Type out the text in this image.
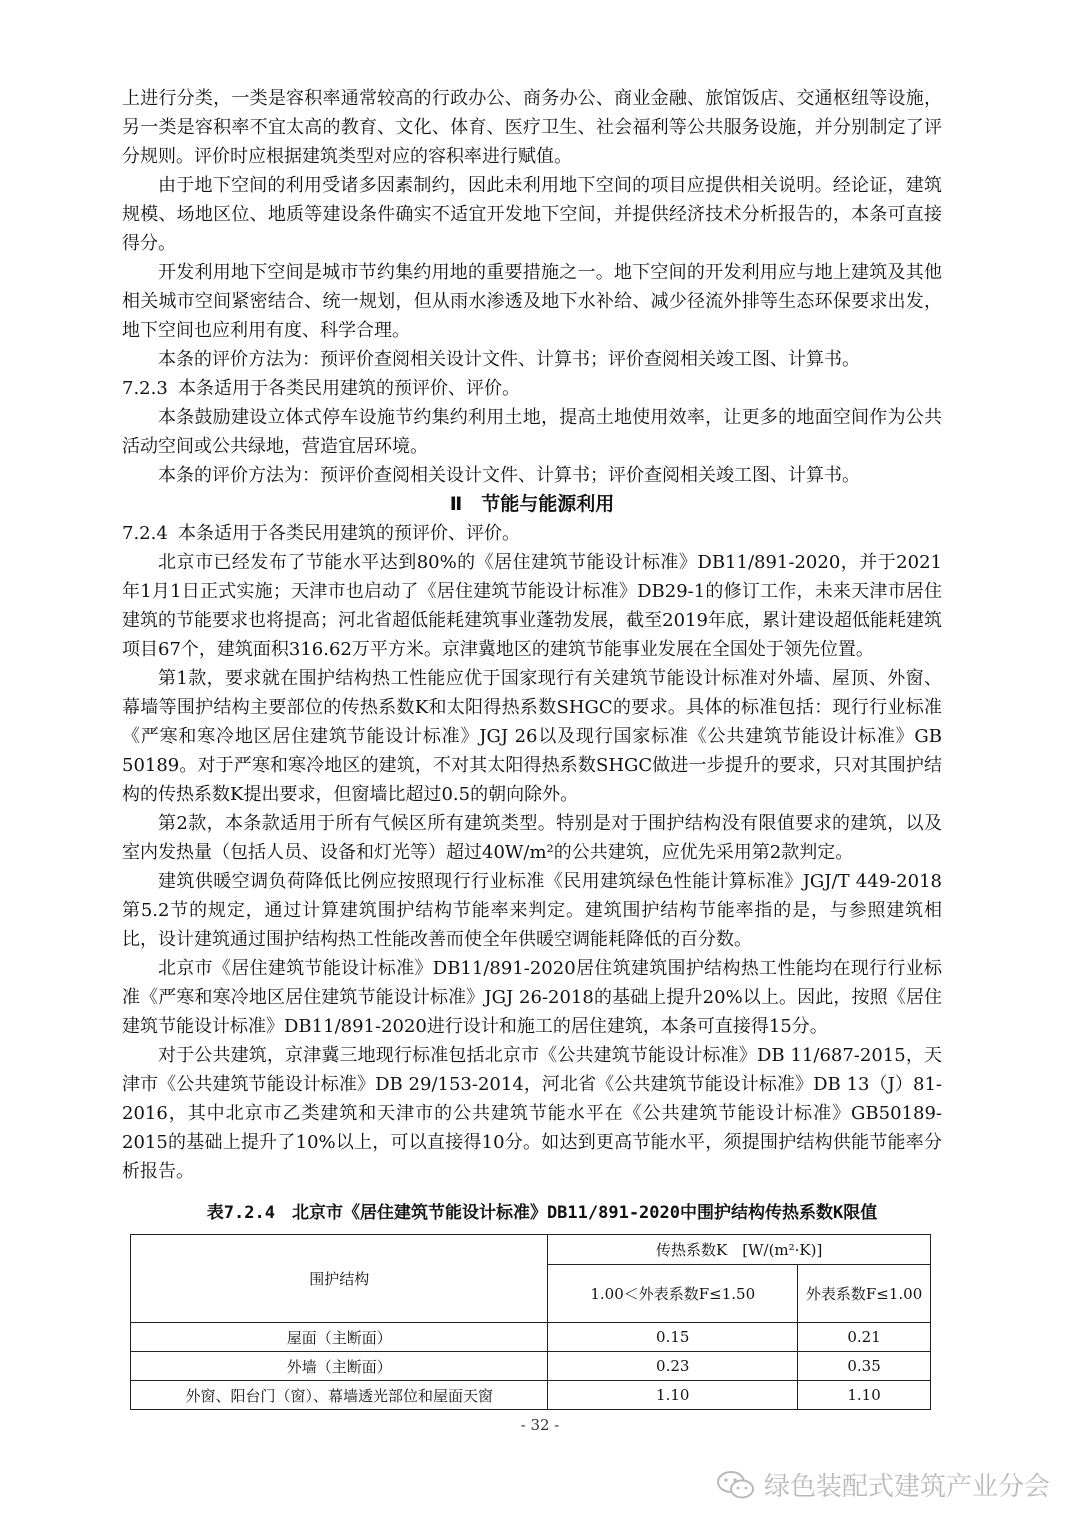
上进行分类，一类是容积率通常较高的行政办公、商务办公、商业金融、旅馆饭店、交通枢纽等设施，另一类是容积率不宜太高的教育、文化、体育、医疗卫生、社会福利等公共服务设施，并分别制定了评分规则。评价时应根据建筑类型对应的容积率进行赋值。

由于地下空间的利用受诸多因素制约，因此未利用地下空间的项目应提供相关说明。经论证，建筑规模、场地区位、地质等建设条件确实不适宜开发地下空间，并提供经济技术分析报告的，本条可直接得分。

开发利用地下空间是城市节约集约用地的重要措施之一。地下空间的开发利用应与地上建筑及其他相关城市空间紧密结合、统一规划，但从雨水渗透及地下水补给、减少径流外排等生态环保要求出发，地下空间也应利用有度、科学合理。

本条的评价方法为：预评价查阅相关设计文件、计算书；评价查阅相关竣工图、计算书。

7.2.3 本条适用于各类民用建筑的预评价、评价。

本条鼓励建设立体式停车设施节约集约利用土地，提高土地使用效率，让更多的地面空间作为公共活动空间或公共绿地，营造宜居环境。

本条的评价方法为：预评价查阅相关设计文件、计算书；评价查阅相关竣工图、计算书。

Ⅱ　节能与能源利用

7.2.4 本条适用于各类民用建筑的预评价、评价。

北京市已经发布了节能水平达到80%的《居住建筑节能设计标准》DB11/891-2020，并于2021年1月1日正式实施；天津市也启动了《居住建筑节能设计标准》DB29-1的修订工作，未来天津市居住建筑的节能要求也将提高；河北省超低能耗建筑事业蓬勃发展，截至2019年底，累计建设超低能耗建筑项目67个，建筑面积316.62万平方米。京津冀地区的建筑节能事业发展在全国处于领先位置。

第1款，要求就在围护结构热工性能应优于国家现行有关建筑节能设计标准对外墙、屋顶、外窗、幕墙等围护结构主要部位的传热系数K和太阳得热系数SHGC的要求。具体的标准包括：现行行业标准《严寒和寒冷地区居住建筑节能设计标准》JGJ 26以及现行国家标准《公共建筑节能设计标准》GB 50189。对于严寒和寒冷地区的建筑，不对其太阳得热系数SHGC做进一步提升的要求，只对其围护结构的传热系数K提出要求，但窗墙比超过0.5的朝向除外。

第2款，本条款适用于所有气候区所有建筑类型。特别是对于围护结构没有限值要求的建筑，以及室内发热量（包括人员、设备和灯光等）超过40W/m²的公共建筑，应优先采用第2款判定。

建筑供暖空调负荷降低比例应按照现行行业标准《民用建筑绿色性能计算标准》JGJ/T 449-2018第5.2节的规定，通过计算建筑围护结构节能率来判定。建筑围护结构节能率指的是，与参照建筑相比，设计建筑通过围护结构热工性能改善而使全年供暖空调能耗降低的百分数。

北京市《居住建筑节能设计标准》DB11/891-2020居住筑建筑围护结构热工性能均在现行行业标准《严寒和寒冷地区居住建筑节能设计标准》JGJ 26-2018的基础上提升20%以上。因此，按照《居住建筑节能设计标准》DB11/891-2020进行设计和施工的居住建筑，本条可直接得15分。

对于公共建筑，京津冀三地现行标准包括北京市《公共建筑节能设计标准》DB 11/687-2015，天津市《公共建筑节能设计标准》DB 29/153-2014，河北省《公共建筑节能设计标准》DB 13（J）81-2016，其中北京市乙类建筑和天津市的公共建筑节能水平在《公共建筑节能设计标准》GB50189-2015的基础上提升了10%以上，可以直接得10分。如达到更高节能水平，须提围护结构供能节能率分析报告。

表7.2.4　北京市《居住建筑节能设计标准》DB11/891-2020中围护结构传热系数K限值

围护结构	传热系数K　[W/(m²·K)]	
	1.00＜外表系数F≤1.50	外表系数F≤1.00
屋面（主断面）	0.15	0.21
外墙（主断面）	0.23	0.35
外窗、阳台门（窗）、幕墙透光部位和屋面天窗	1.10	1.10
- 32 -
绿色装配式建筑产业分会
